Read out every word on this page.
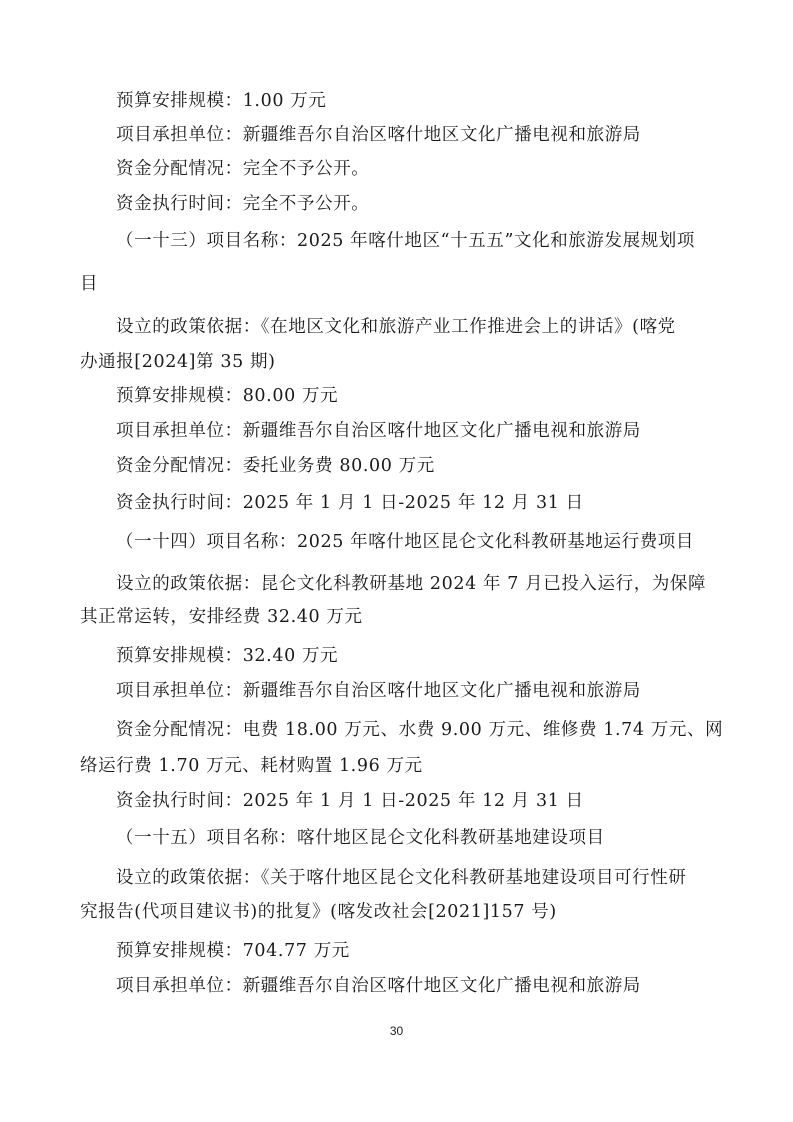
预算安排规模：1.00 万元

项目承担单位：新疆维吾尔自治区喀什地区文化广播电视和旅游局

资金分配情况：完全不予公开。

资金执行时间：完全不予公开。

（一十三）项目名称：2025 年喀什地区“十五五”文化和旅游发展规划项

目

设立的政策依据：《在地区文化和旅游产业工作推进会上的讲话》(喀党

办通报[2024]第 35 期)

预算安排规模：80.00 万元

项目承担单位：新疆维吾尔自治区喀什地区文化广播电视和旅游局

资金分配情况：委托业务费 80.00 万元

资金执行时间：2025 年 1 月 1 日-2025 年 12 月 31 日

（一十四）项目名称：2025 年喀什地区昆仑文化科教研基地运行费项目

设立的政策依据：昆仑文化科教研基地 2024 年 7 月已投入运行，为保障

其正常运转，安排经费 32.40 万元

预算安排规模：32.40 万元

项目承担单位：新疆维吾尔自治区喀什地区文化广播电视和旅游局

资金分配情况：电费 18.00 万元、水费 9.00 万元、维修费 1.74 万元、网

络运行费 1.70 万元、耗材购置 1.96 万元

资金执行时间：2025 年 1 月 1 日-2025 年 12 月 31 日

（一十五）项目名称：喀什地区昆仑文化科教研基地建设项目

设立的政策依据：《关于喀什地区昆仑文化科教研基地建设项目可行性研

究报告(代项目建议书)的批复》(喀发改社会[2021]157 号)

预算安排规模：704.77 万元

项目承担单位：新疆维吾尔自治区喀什地区文化广播电视和旅游局

30
